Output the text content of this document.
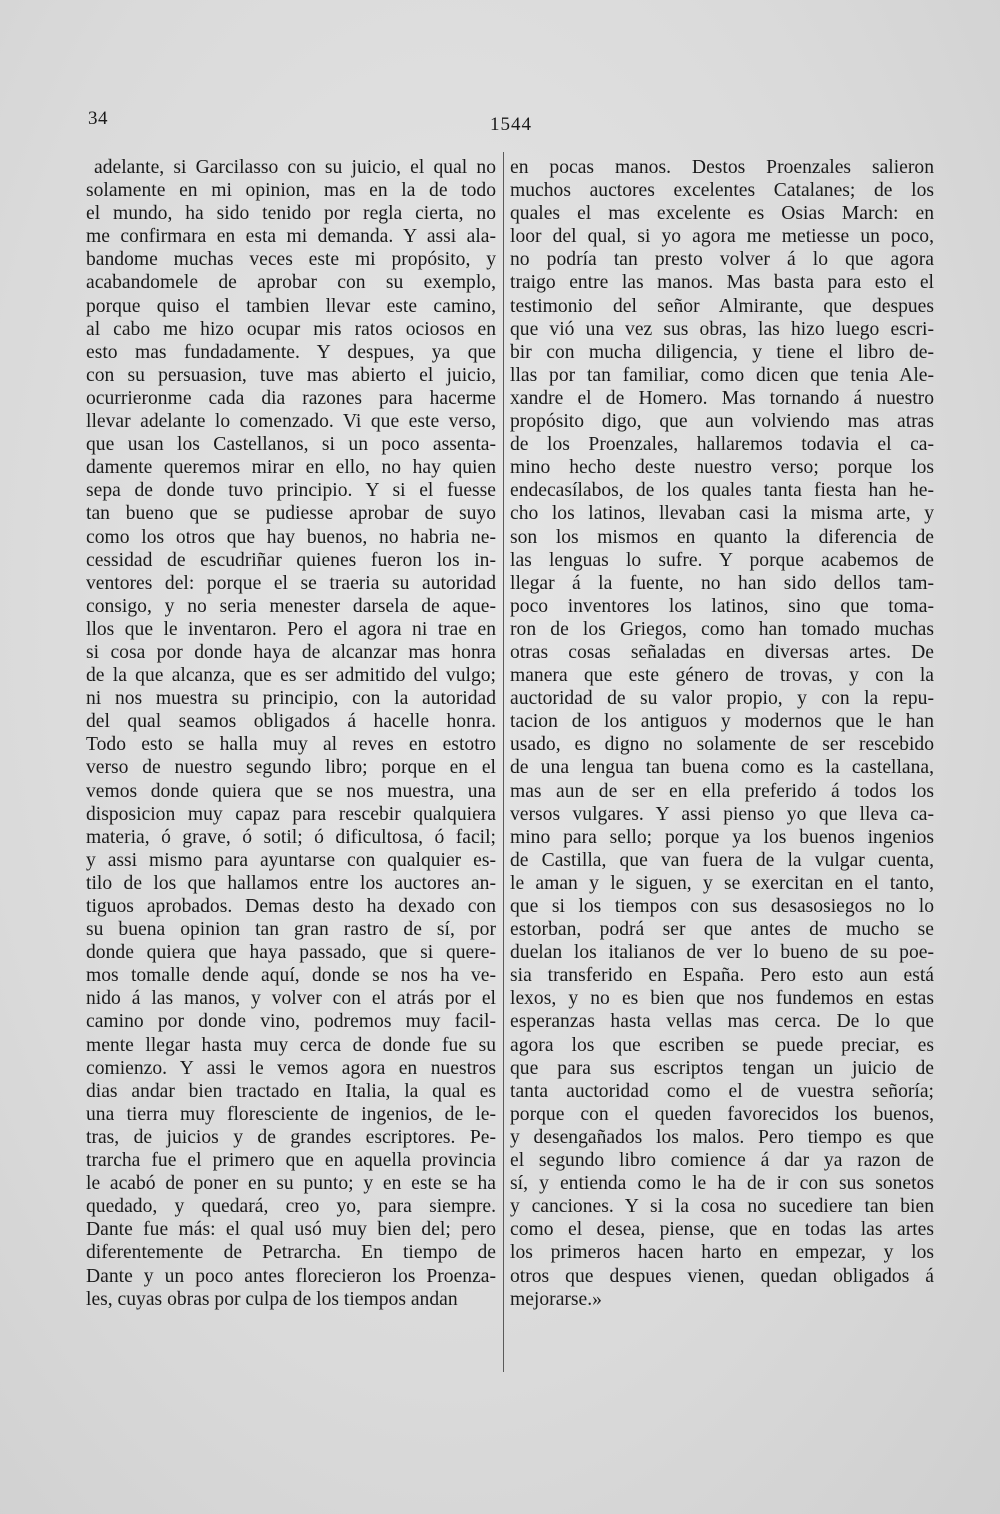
34	1544
adelante, si Garcilasso con su juicio, el qual no
solamente en mi opinion, mas en la de todo
el mundo, ha sido tenido por regla cierta, no
me confirmara en esta mi demanda. Y assi ala-
bandome muchas veces este mi propósito, y
acabandomele de aprobar con su exemplo,
porque quiso el tambien llevar este camino,
al cabo me hizo ocupar mis ratos ociosos en
esto mas fundadamente. Y despues, ya que
con su persuasion, tuve mas abierto el juicio,
ocurrieronme cada dia razones para hacerme
llevar adelante lo comenzado. Vi que este verso,
que usan los Castellanos, si un poco assenta-
damente queremos mirar en ello, no hay quien
sepa de donde tuvo principio. Y si el fuesse
tan bueno que se pudiesse aprobar de suyo
como los otros que hay buenos, no habria ne-
cessidad de escudriñar quienes fueron los in-
ventores del: porque el se traeria su autoridad
consigo, y no seria menester darsela de aque-
llos que le inventaron. Pero el agora ni trae en
si cosa por donde haya de alcanzar mas honra
de la que alcanza, que es ser admitido del vulgo;
ni nos muestra su principio, con la autoridad
del qual seamos obligados á hacelle honra.
Todo esto se halla muy al reves en estotro
verso de nuestro segundo libro; porque en el
vemos donde quiera que se nos muestra, una
disposicion muy capaz para rescebir qualquiera
materia, ó grave, ó sotil; ó dificultosa, ó facil;
y assi mismo para ayuntarse con qualquier es-
tilo de los que hallamos entre los auctores an-
tiguos aprobados. Demas desto ha dexado con
su buena opinion tan gran rastro de sí, por
donde quiera que haya passado, que si quere-
mos tomalle dende aquí, donde se nos ha ve-
nido á las manos, y volver con el atrás por el
camino por donde vino, podremos muy facil-
mente llegar hasta muy cerca de donde fue su
comienzo. Y assi le vemos agora en nuestros
dias andar bien tractado en Italia, la qual es
una tierra muy floresciente de ingenios, de le-
tras, de juicios y de grandes escriptores. Pe-
trarcha fue el primero que en aquella provincia
le acabó de poner en su punto; y en este se ha
quedado, y quedará, creo yo, para siempre.
Dante fue más: el qual usó muy bien del; pero
diferentemente de Petrarcha. En tiempo de
Dante y un poco antes florecieron los Proenza-
les, cuyas obras por culpa de los tiempos andan
en pocas manos. Destos Proenzales salieron
muchos auctores excelentes Catalanes; de los
quales el mas excelente es Osias March: en
loor del qual, si yo agora me metiesse un poco,
no podría tan presto volver á lo que agora
traigo entre las manos. Mas basta para esto el
testimonio del señor Almirante, que despues
que vió una vez sus obras, las hizo luego escri-
bir con mucha diligencia, y tiene el libro de-
llas por tan familiar, como dicen que tenia Ale-
xandre el de Homero. Mas tornando á nuestro
propósito digo, que aun volviendo mas atras
de los Proenzales, hallaremos todavia el ca-
mino hecho deste nuestro verso; porque los
endecasílabos, de los quales tanta fiesta han he-
cho los latinos, llevaban casi la misma arte, y
son los mismos en quanto la diferencia de
las lenguas lo sufre. Y porque acabemos de
llegar á la fuente, no han sido dellos tam-
poco inventores los latinos, sino que toma-
ron de los Griegos, como han tomado muchas
otras cosas señaladas en diversas artes. De
manera que este género de trovas, y con la
auctoridad de su valor propio, y con la repu-
tacion de los antiguos y modernos que le han
usado, es digno no solamente de ser rescebido
de una lengua tan buena como es la castellana,
mas aun de ser en ella preferido á todos los
versos vulgares. Y assi pienso yo que lleva ca-
mino para sello; porque ya los buenos ingenios
de Castilla, que van fuera de la vulgar cuenta,
le aman y le siguen, y se exercitan en el tanto,
que si los tiempos con sus desasosiegos no lo
estorban, podrá ser que antes de mucho se
duelan los italianos de ver lo bueno de su poe-
sia transferido en España. Pero esto aun está
lexos, y no es bien que nos fundemos en estas
esperanzas hasta vellas mas cerca. De lo que
agora los que escriben se puede preciar, es
que para sus escriptos tengan un juicio de
tanta auctoridad como el de vuestra señoría;
porque con el queden favorecidos los buenos,
y desengañados los malos. Pero tiempo es que
el segundo libro comience á dar ya razon de
sí, y entienda como le ha de ir con sus sonetos
y canciones. Y si la cosa no sucediere tan bien
como el desea, piense, que en todas las artes
los primeros hacen harto en empezar, y los
otros que despues vienen, quedan obligados á
mejorarse.»
